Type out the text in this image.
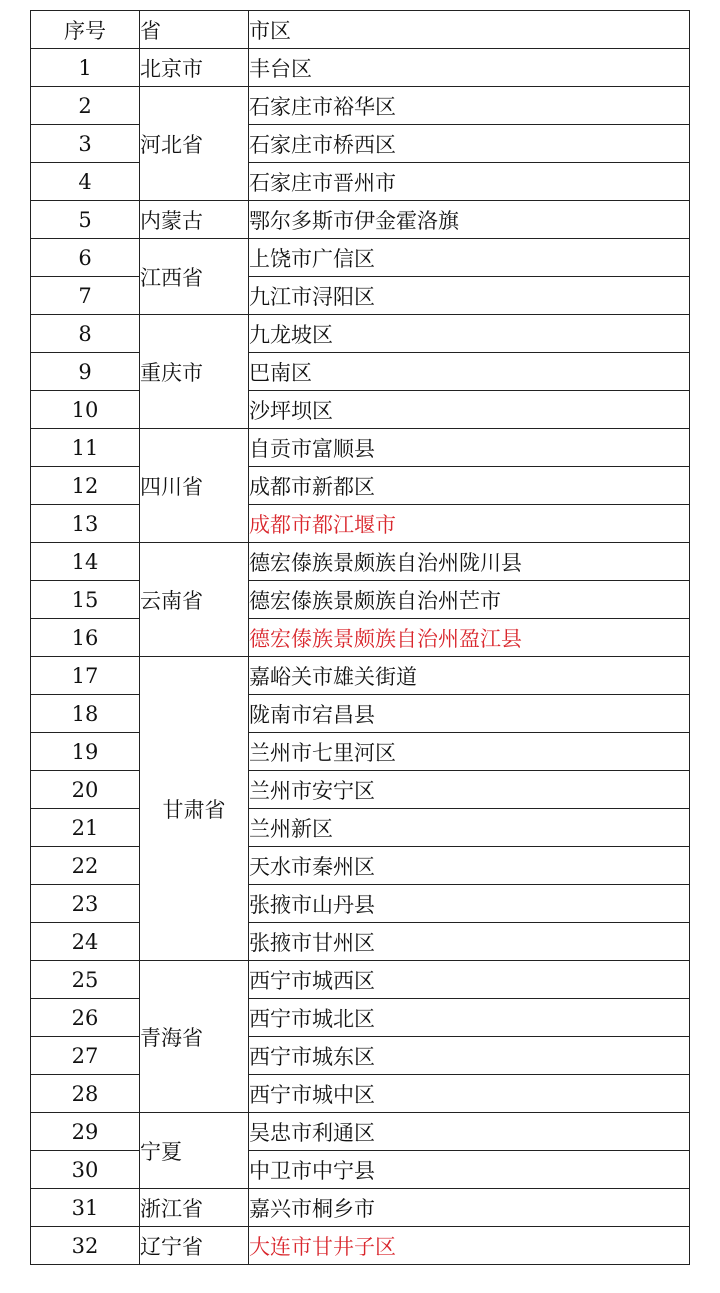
序号	省	市区
1	北京市	丰台区
2	河北省	石家庄市裕华区
3		石家庄市桥西区
4		石家庄市晋州市
5	内蒙古	鄂尔多斯市伊金霍洛旗
6	江西省	上饶市广信区
7		九江市浔阳区
8	重庆市	九龙坡区
9		巴南区
10		沙坪坝区
11	四川省	自贡市富顺县
12		成都市新都区
13		成都市都江堰市
14	云南省	德宏傣族景颇族自治州陇川县
15		德宏傣族景颇族自治州芒市
16		德宏傣族景颇族自治州盈江县
17	甘肃省	嘉峪关市雄关街道
18		陇南市宕昌县
19		兰州市七里河区
20		兰州市安宁区
21		兰州新区
22		天水市秦州区
23		张掖市山丹县
24		张掖市甘州区
25	青海省	西宁市城西区
26		西宁市城北区
27		西宁市城东区
28		西宁市城中区
29	宁夏	吴忠市利通区
30		中卫市中宁县
31	浙江省	嘉兴市桐乡市
32	辽宁省	大连市甘井子区
